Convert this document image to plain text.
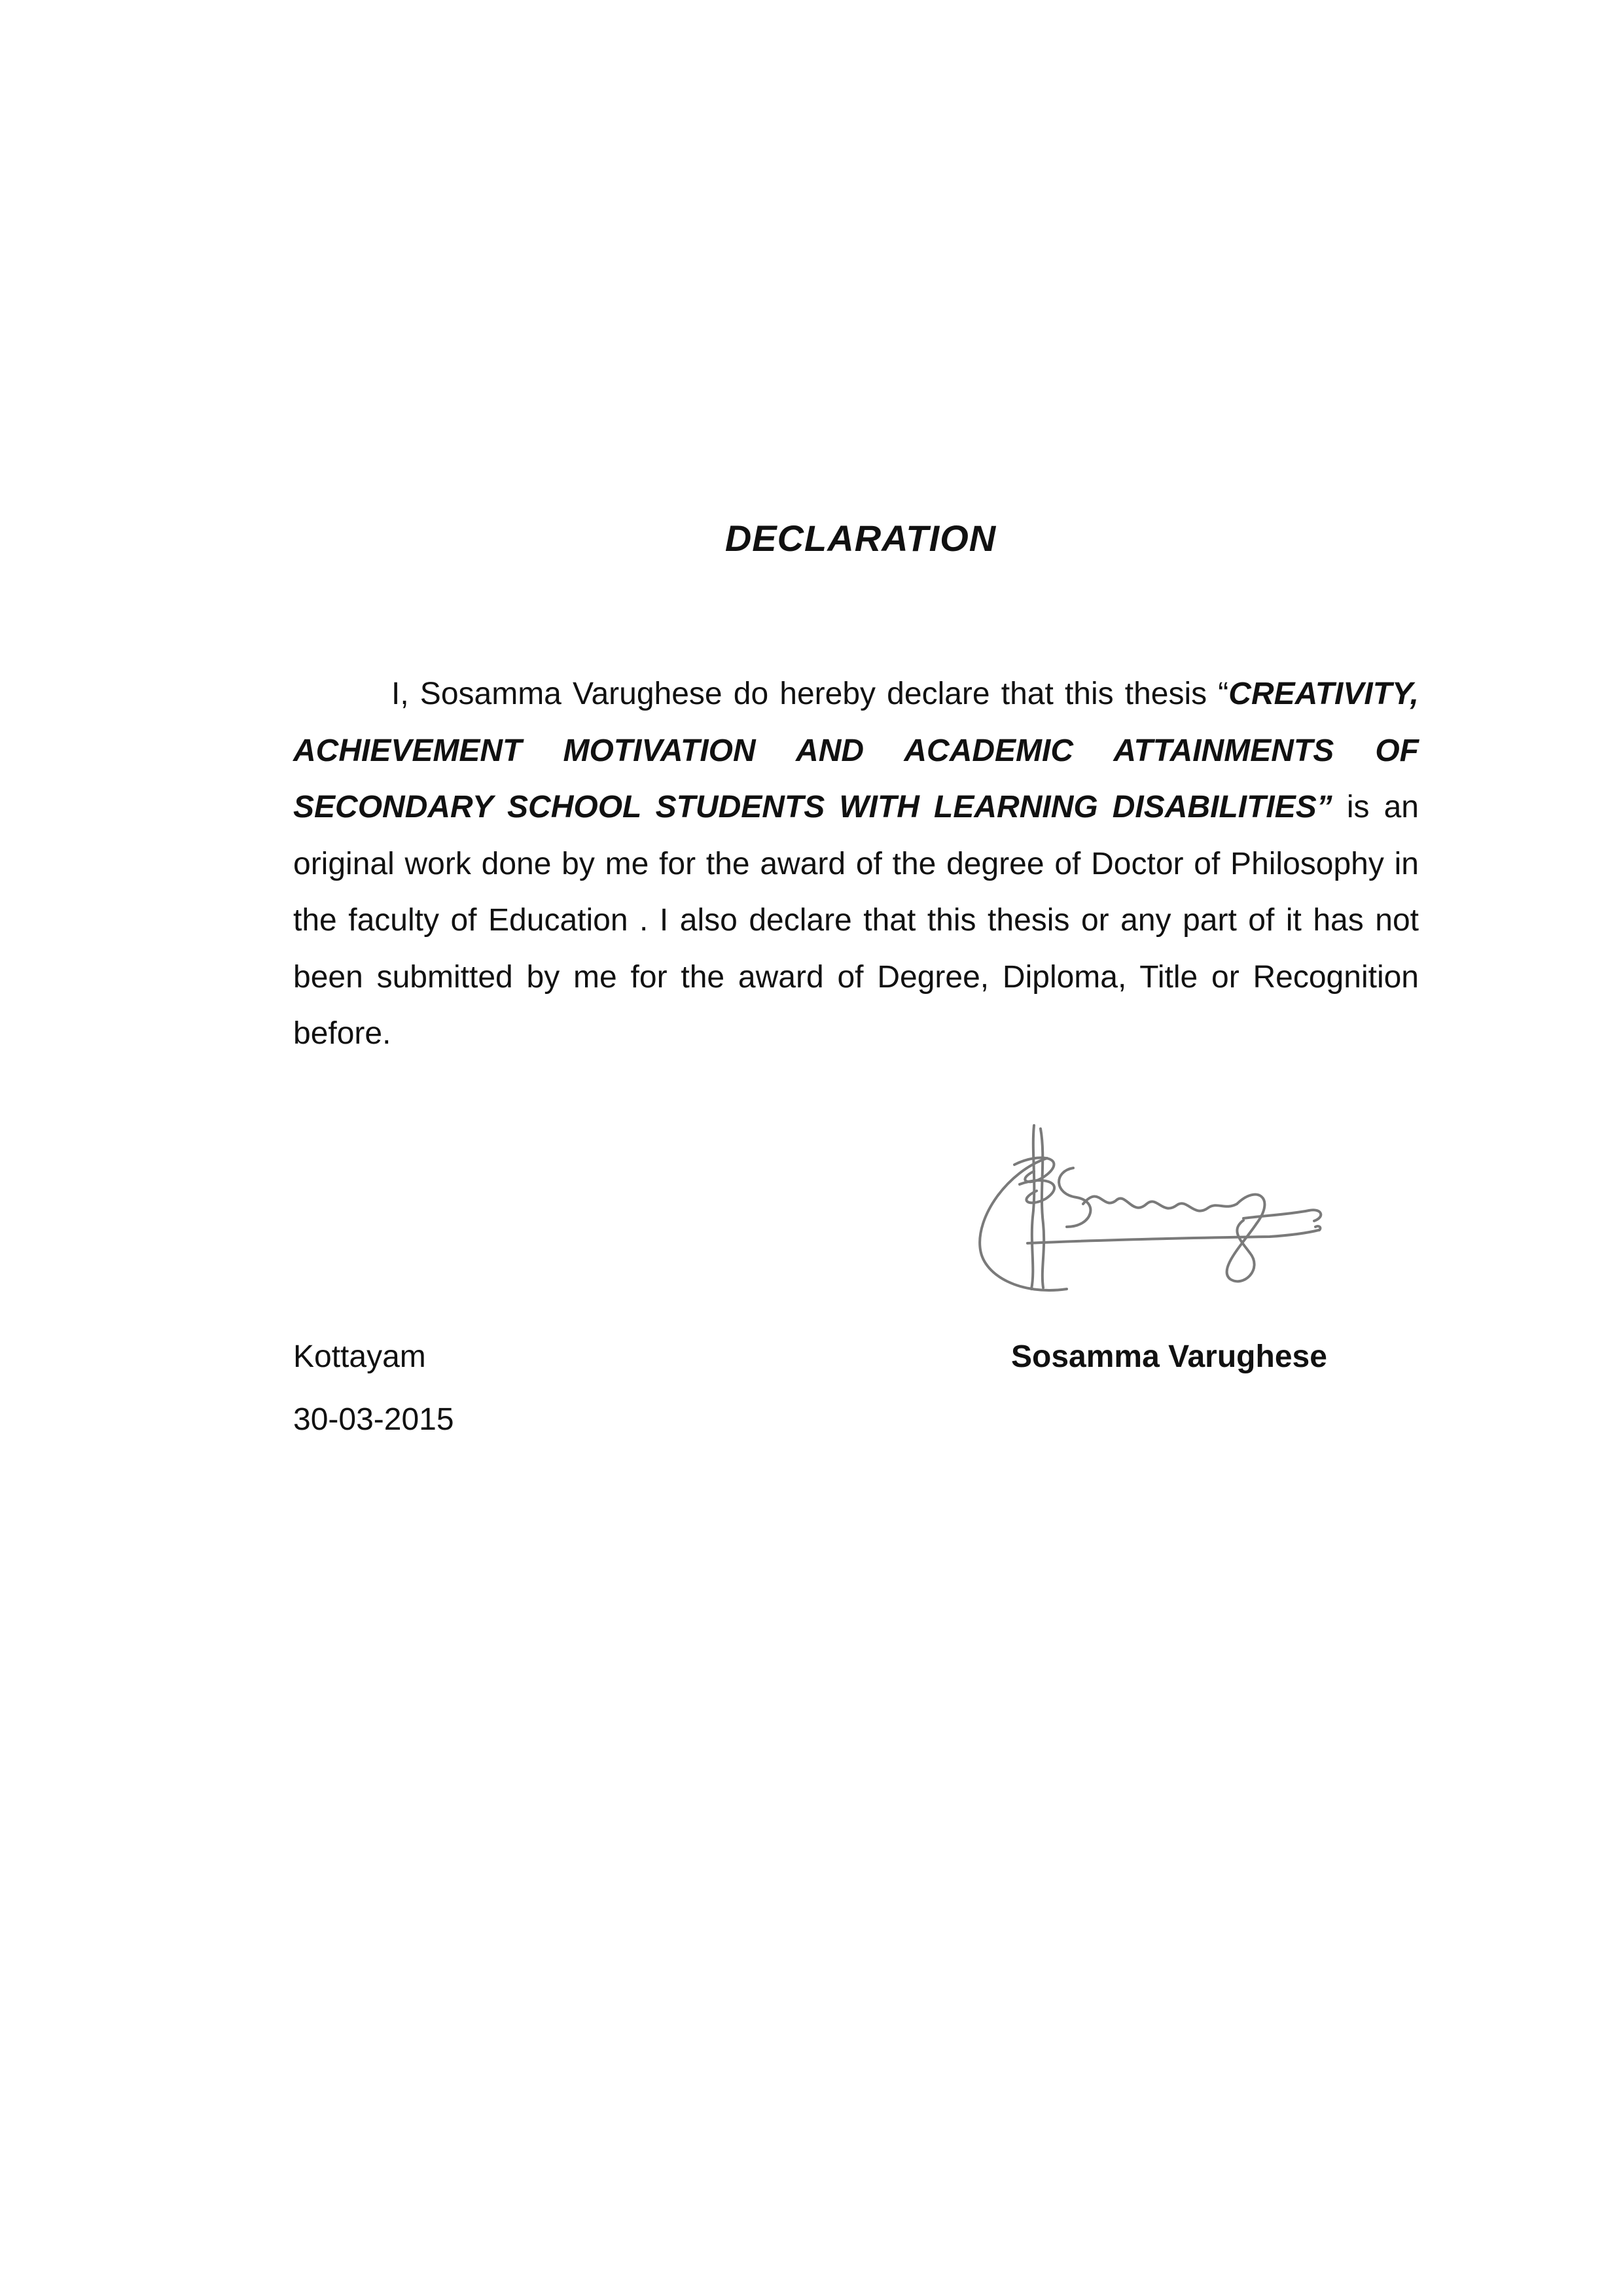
DECLARATION

I, Sosamma Varughese do hereby declare that this thesis “CREATIVITY, ACHIEVEMENT MOTIVATION AND ACADEMIC ATTAINMENTS OF SECONDARY SCHOOL STUDENTS WITH LEARNING DISABILITIES” is an original work done by me for the award of the degree of Doctor of Philosophy in the faculty of Education . I also declare that this thesis or any part of it has not been submitted by me for the award of Degree, Diploma, Title or Recognition before.

Kottayam	Sosamma Varughese

30-03-2015
